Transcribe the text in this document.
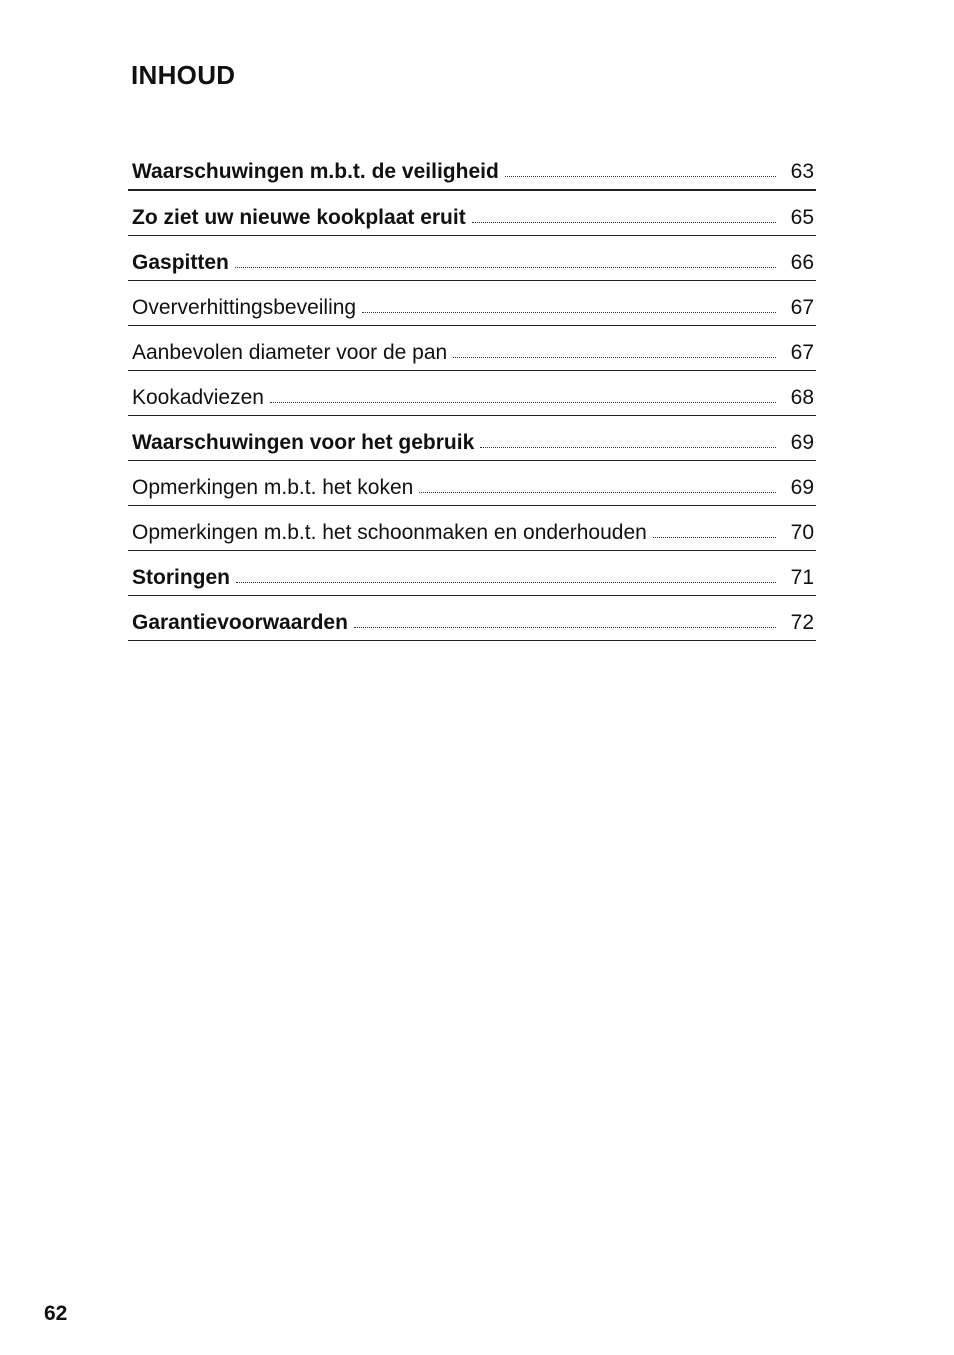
INHOUD
Waarschuwingen m.b.t. de veiligheid	63
Zo ziet uw nieuwe kookplaat eruit	65
Gaspitten	66
Oververhittingsbeveiling	67
Aanbevolen diameter voor de pan	67
Kookadviezen	68
Waarschuwingen voor het gebruik	69
Opmerkingen m.b.t. het koken	69
Opmerkingen m.b.t. het schoonmaken en onderhouden	70
Storingen	71
Garantievoorwaarden	72
62
